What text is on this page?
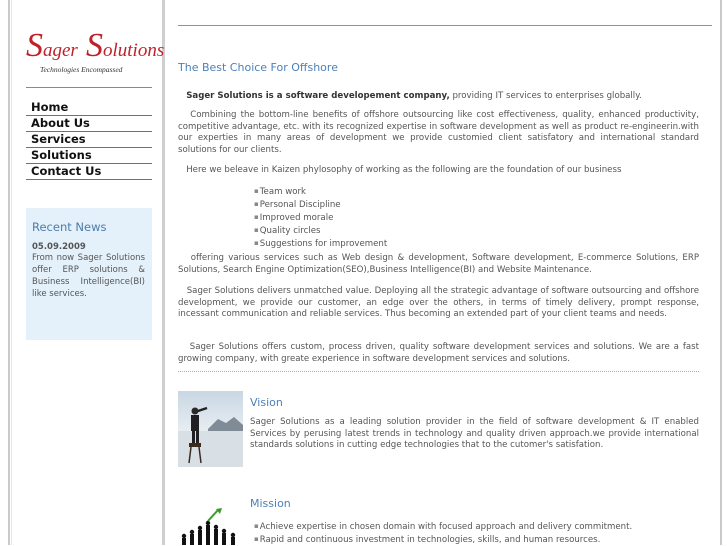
S ager S olutions
Technologies Encompassed
Home
About Us
Services
Solutions
Contact Us
Recent News
05.09.2009
From now Sager Solutions offer ERP solutions & Business Intelligence(BI) like services.
The Best Choice For Offshore
Sager Solutions is a software developement company, providing IT services to enterprises globally.
Combining the bottom-line benefits of offshore outsourcing like cost effectiveness, quality, enhanced productivity, competitive advantage, etc. with its recognized expertise in software development as well as product re-engineerin.with our experties in many areas of development we provide customied client satisfatory and international standard solutions for our clients.
Here we beleave in Kaizen phylosophy of working as the following are the foundation of our business
▪ Team work
▪ Personal Discipline
▪ Improved morale
▪ Quality circles
▪ Suggestions for improvement
offering various services such as Web design & development, Software development, E-commerce Solutions, ERP Solutions, Search Engine Optimization(SEO),Business Intelligence(BI) and Website Maintenance.
Sager Solutions delivers unmatched value. Deploying all the strategic advantage of software outsourcing and offshore development, we provide our customer, an edge over the others, in terms of timely delivery, prompt response, incessant communication and reliable services. Thus becoming an extended part of your client teams and needs.
Sager Solutions offers custom, process driven, quality software development services and solutions. We are a fast growing company, with greate experience in software development services and solutions.
Vision
Sager Solutions as a leading solution provider in the field of software development & IT enabled Services by perusing latest trends in technology and quality driven approach.we provide international standards solutions in cutting edge technologies that to the cutomer's satisfation.
Mission
▪ Achieve expertise in chosen domain with focused approach and delivery commitment.
▪ Rapid and continuous investment in technologies, skills, and human resources.
